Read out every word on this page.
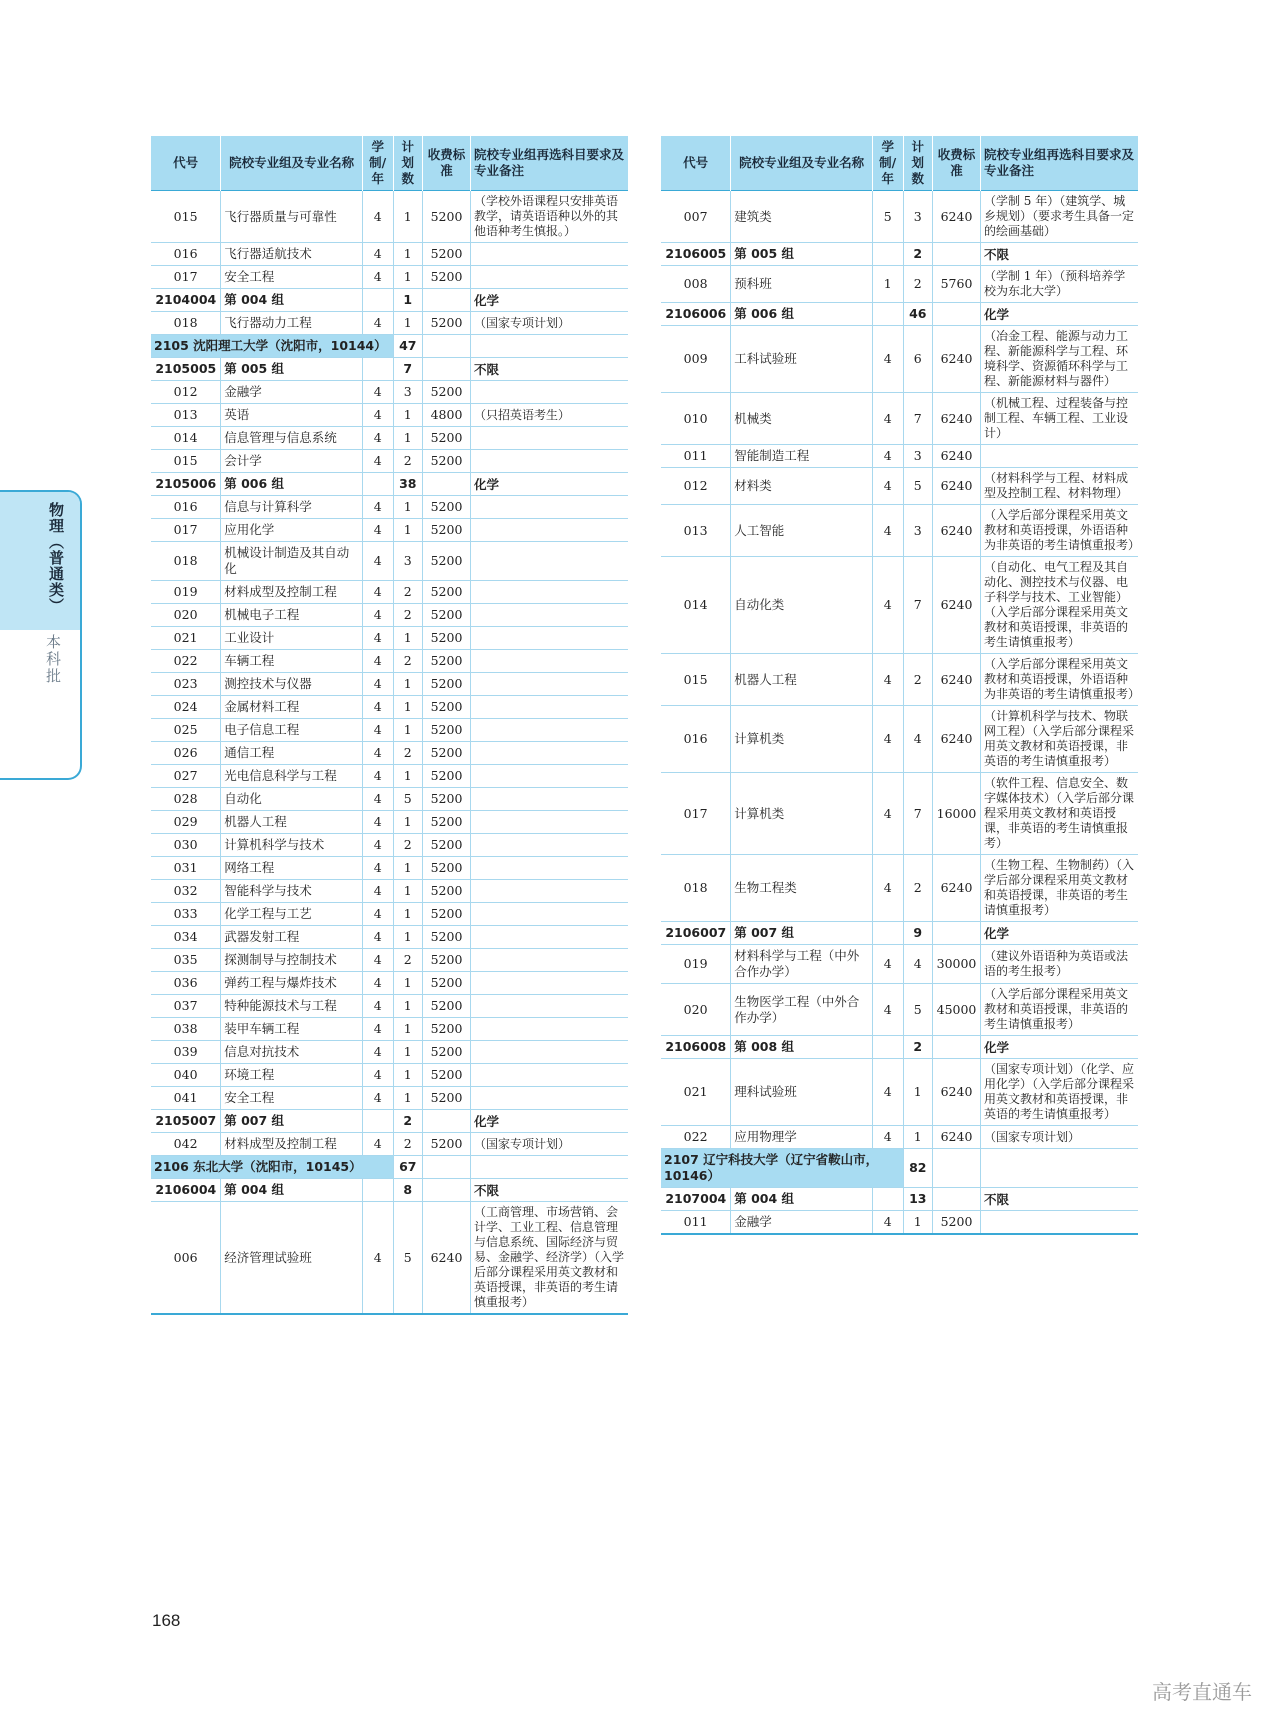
物理（普通类）
本科批
代号	院校专业组及专业名称	学制/年	计划数	收费标准	院校专业组再选科目要求及专业备注
015	飞行器质量与可靠性	4	1	5200	（学校外语课程只安排英语教学，请英语语种以外的其他语种考生慎报。）
016	飞行器适航技术	4	1	5200	
017	安全工程	4	1	5200	
2104004	第 004 组		1		化学
018	飞行器动力工程	4	1	5200	（国家专项计划）
2105 沈阳理工大学（沈阳市，10144）			47		
2105005	第 005 组		7		不限
012	金融学	4	3	5200	
013	英语	4	1	4800	（只招英语考生）
014	信息管理与信息系统	4	1	5200	
015	会计学	4	2	5200	
2105006	第 006 组		38		化学
016	信息与计算科学	4	1	5200	
017	应用化学	4	1	5200	
018	机械设计制造及其自动化	4	3	5200	
019	材料成型及控制工程	4	2	5200	
020	机械电子工程	4	2	5200	
021	工业设计	4	1	5200	
022	车辆工程	4	2	5200	
023	测控技术与仪器	4	1	5200	
024	金属材料工程	4	1	5200	
025	电子信息工程	4	1	5200	
026	通信工程	4	2	5200	
027	光电信息科学与工程	4	1	5200	
028	自动化	4	5	5200	
029	机器人工程	4	1	5200	
030	计算机科学与技术	4	2	5200	
031	网络工程	4	1	5200	
032	智能科学与技术	4	1	5200	
033	化学工程与工艺	4	1	5200	
034	武器发射工程	4	1	5200	
035	探测制导与控制技术	4	2	5200	
036	弹药工程与爆炸技术	4	1	5200	
037	特种能源技术与工程	4	1	5200	
038	装甲车辆工程	4	1	5200	
039	信息对抗技术	4	1	5200	
040	环境工程	4	1	5200	
041	安全工程	4	1	5200	
2105007	第 007 组		2		化学
042	材料成型及控制工程	4	2	5200	（国家专项计划）
2106 东北大学（沈阳市，10145）			67		
2106004	第 004 组		8		不限
006	经济管理试验班	4	5	6240	（工商管理、市场营销、会计学、工业工程、信息管理与信息系统、国际经济与贸易、金融学、经济学）（入学后部分课程采用英文教材和英语授课，非英语的考生请慎重报考）
代号	院校专业组及专业名称	学制/年	计划数	收费标准	院校专业组再选科目要求及专业备注
007	建筑类	5	3	6240	（学制 5 年）（建筑学、城乡规划）（要求考生具备一定的绘画基础）
2106005	第 005 组		2		不限
008	预科班	1	2	5760	（学制 1 年）（预科培养学校为东北大学）
2106006	第 006 组		46		化学
009	工科试验班	4	6	6240	（冶金工程、能源与动力工程、新能源科学与工程、环境科学、资源循环科学与工程、新能源材料与器件）
010	机械类	4	7	6240	（机械工程、过程装备与控制工程、车辆工程、工业设计）
011	智能制造工程	4	3	6240	
012	材料类	4	5	6240	（材料科学与工程、材料成型及控制工程、材料物理）
013	人工智能	4	3	6240	（入学后部分课程采用英文教材和英语授课，外语语种为非英语的考生请慎重报考）
014	自动化类	4	7	6240	（自动化、电气工程及其自动化、测控技术与仪器、电子科学与技术、工业智能）（入学后部分课程采用英文教材和英语授课，非英语的考生请慎重报考）
015	机器人工程	4	2	6240	（入学后部分课程采用英文教材和英语授课，外语语种为非英语的考生请慎重报考）
016	计算机类	4	4	6240	（计算机科学与技术、物联网工程）（入学后部分课程采用英文教材和英语授课，非英语的考生请慎重报考）
017	计算机类	4	7	16000	（软件工程、信息安全、数字媒体技术）（入学后部分课程采用英文教材和英语授课，非英语的考生请慎重报考）
018	生物工程类	4	2	6240	（生物工程、生物制药）（入学后部分课程采用英文教材和英语授课，非英语的考生请慎重报考）
2106007	第 007 组		9		化学
019	材料科学与工程（中外合作办学）	4	4	30000	（建议外语语种为英语或法语的考生报考）
020	生物医学工程（中外合作办学）	4	5	45000	（入学后部分课程采用英文教材和英语授课，非英语的考生请慎重报考）
2106008	第 008 组		2		化学
021	理科试验班	4	1	6240	（国家专项计划）（化学、应用化学）（入学后部分课程采用英文教材和英语授课，非英语的考生请慎重报考）
022	应用物理学	4	1	6240	（国家专项计划）
2107 辽宁科技大学（辽宁省鞍山市，10146）			82		
2107004	第 004 组		13		不限
011	金融学	4	1	5200	
168
高考直通车
